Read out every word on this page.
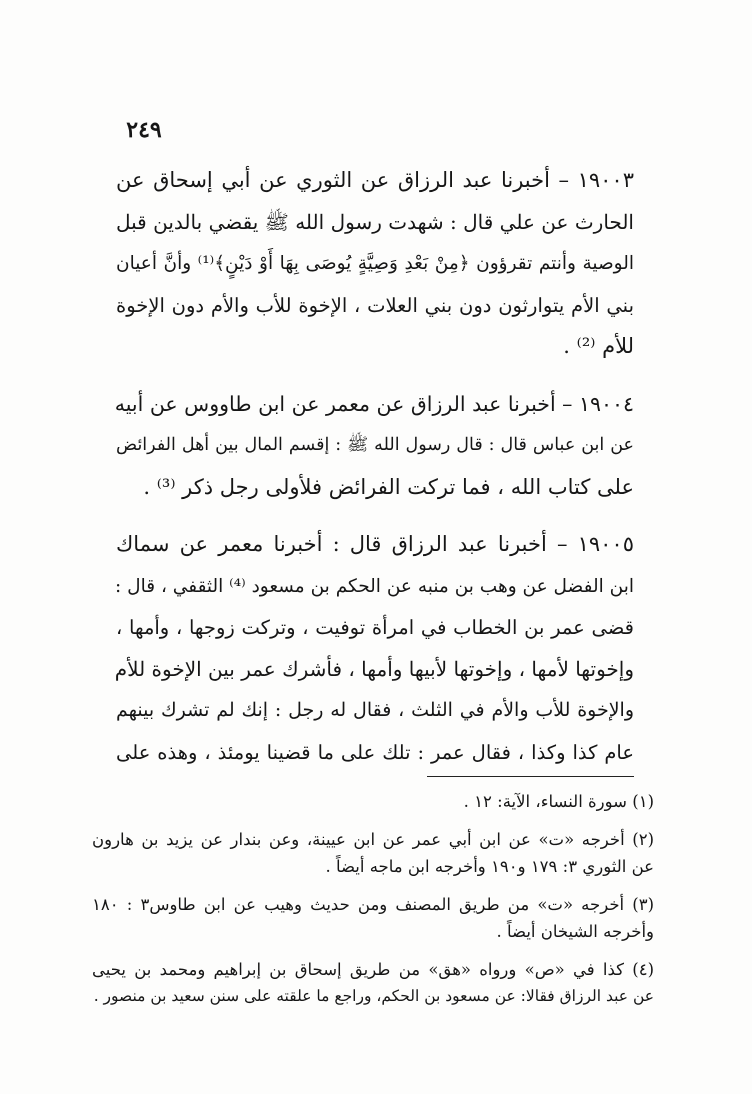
٢٤٩

١٩٠٠٣ – أخبرنا عبد الرزاق عن الثوري عن أبي إسحاق عن
الحارث عن علي قال : شهدت رسول الله ﷺ يقضي بالدين قبل
الوصية وأنتم تقرؤون ﴿مِنْ بَعْدِ وَصِيَّةٍ يُوصَى بِهَا أَوْ دَيْنٍ﴾⁽¹⁾ وأنَّ أعيان
بني الأم يتوارثون دون بني العلات ، الإخوة للأب والأم دون الإخوة
للأم ⁽²⁾ .

١٩٠٠٤ – أخبرنا عبد الرزاق عن معمر عن ابن طاووس عن أبيه
عن ابن عباس قال : قال رسول الله ﷺ : إقسم المال بين أهل الفرائض
على كتاب الله ، فما تركت الفرائض فلأولى رجل ذكر ⁽³⁾ .

١٩٠٠٥ – أخبرنا عبد الرزاق قال : أخبرنا معمر عن سماك
ابن الفضل عن وهب بن منبه عن الحكم بن مسعود ⁽⁴⁾ الثقفي ، قال :
قضى عمر بن الخطاب في امرأة توفيت ، وتركت زوجها ، وأمها ،
وإخوتها لأمها ، وإخوتها لأبيها وأمها ، فأشرك عمر بين الإخوة للأم
والإخوة للأب والأم في الثلث ، فقال له رجل : إنك لم تشرك بينهم
عام كذا وكذا ، فقال عمر : تلك على ما قضينا يومئذ ، وهذه على

(١) سورة النساء، الآية: ١٢ .

(٢) أخرجه «ت» عن ابن أبي عمر عن ابن عيينة، وعن بندار عن يزيد بن هارون
عن الثوري ٣: ١٧٩ و١٩٠ وأخرجه ابن ماجه أيضاً .

(٣) أخرجه «ت» من طريق المصنف ومن حديث وهيب عن ابن طاوس٣ : ١٨٠
وأخرجه الشيخان أيضاً .

(٤) كذا في «ص» ورواه «هق» من طريق إسحاق بن إبراهيم ومحمد بن يحيى
عن عبد الرزاق فقالا: عن مسعود بن الحكم، وراجع ما علقته على سنن سعيد بن منصور .
